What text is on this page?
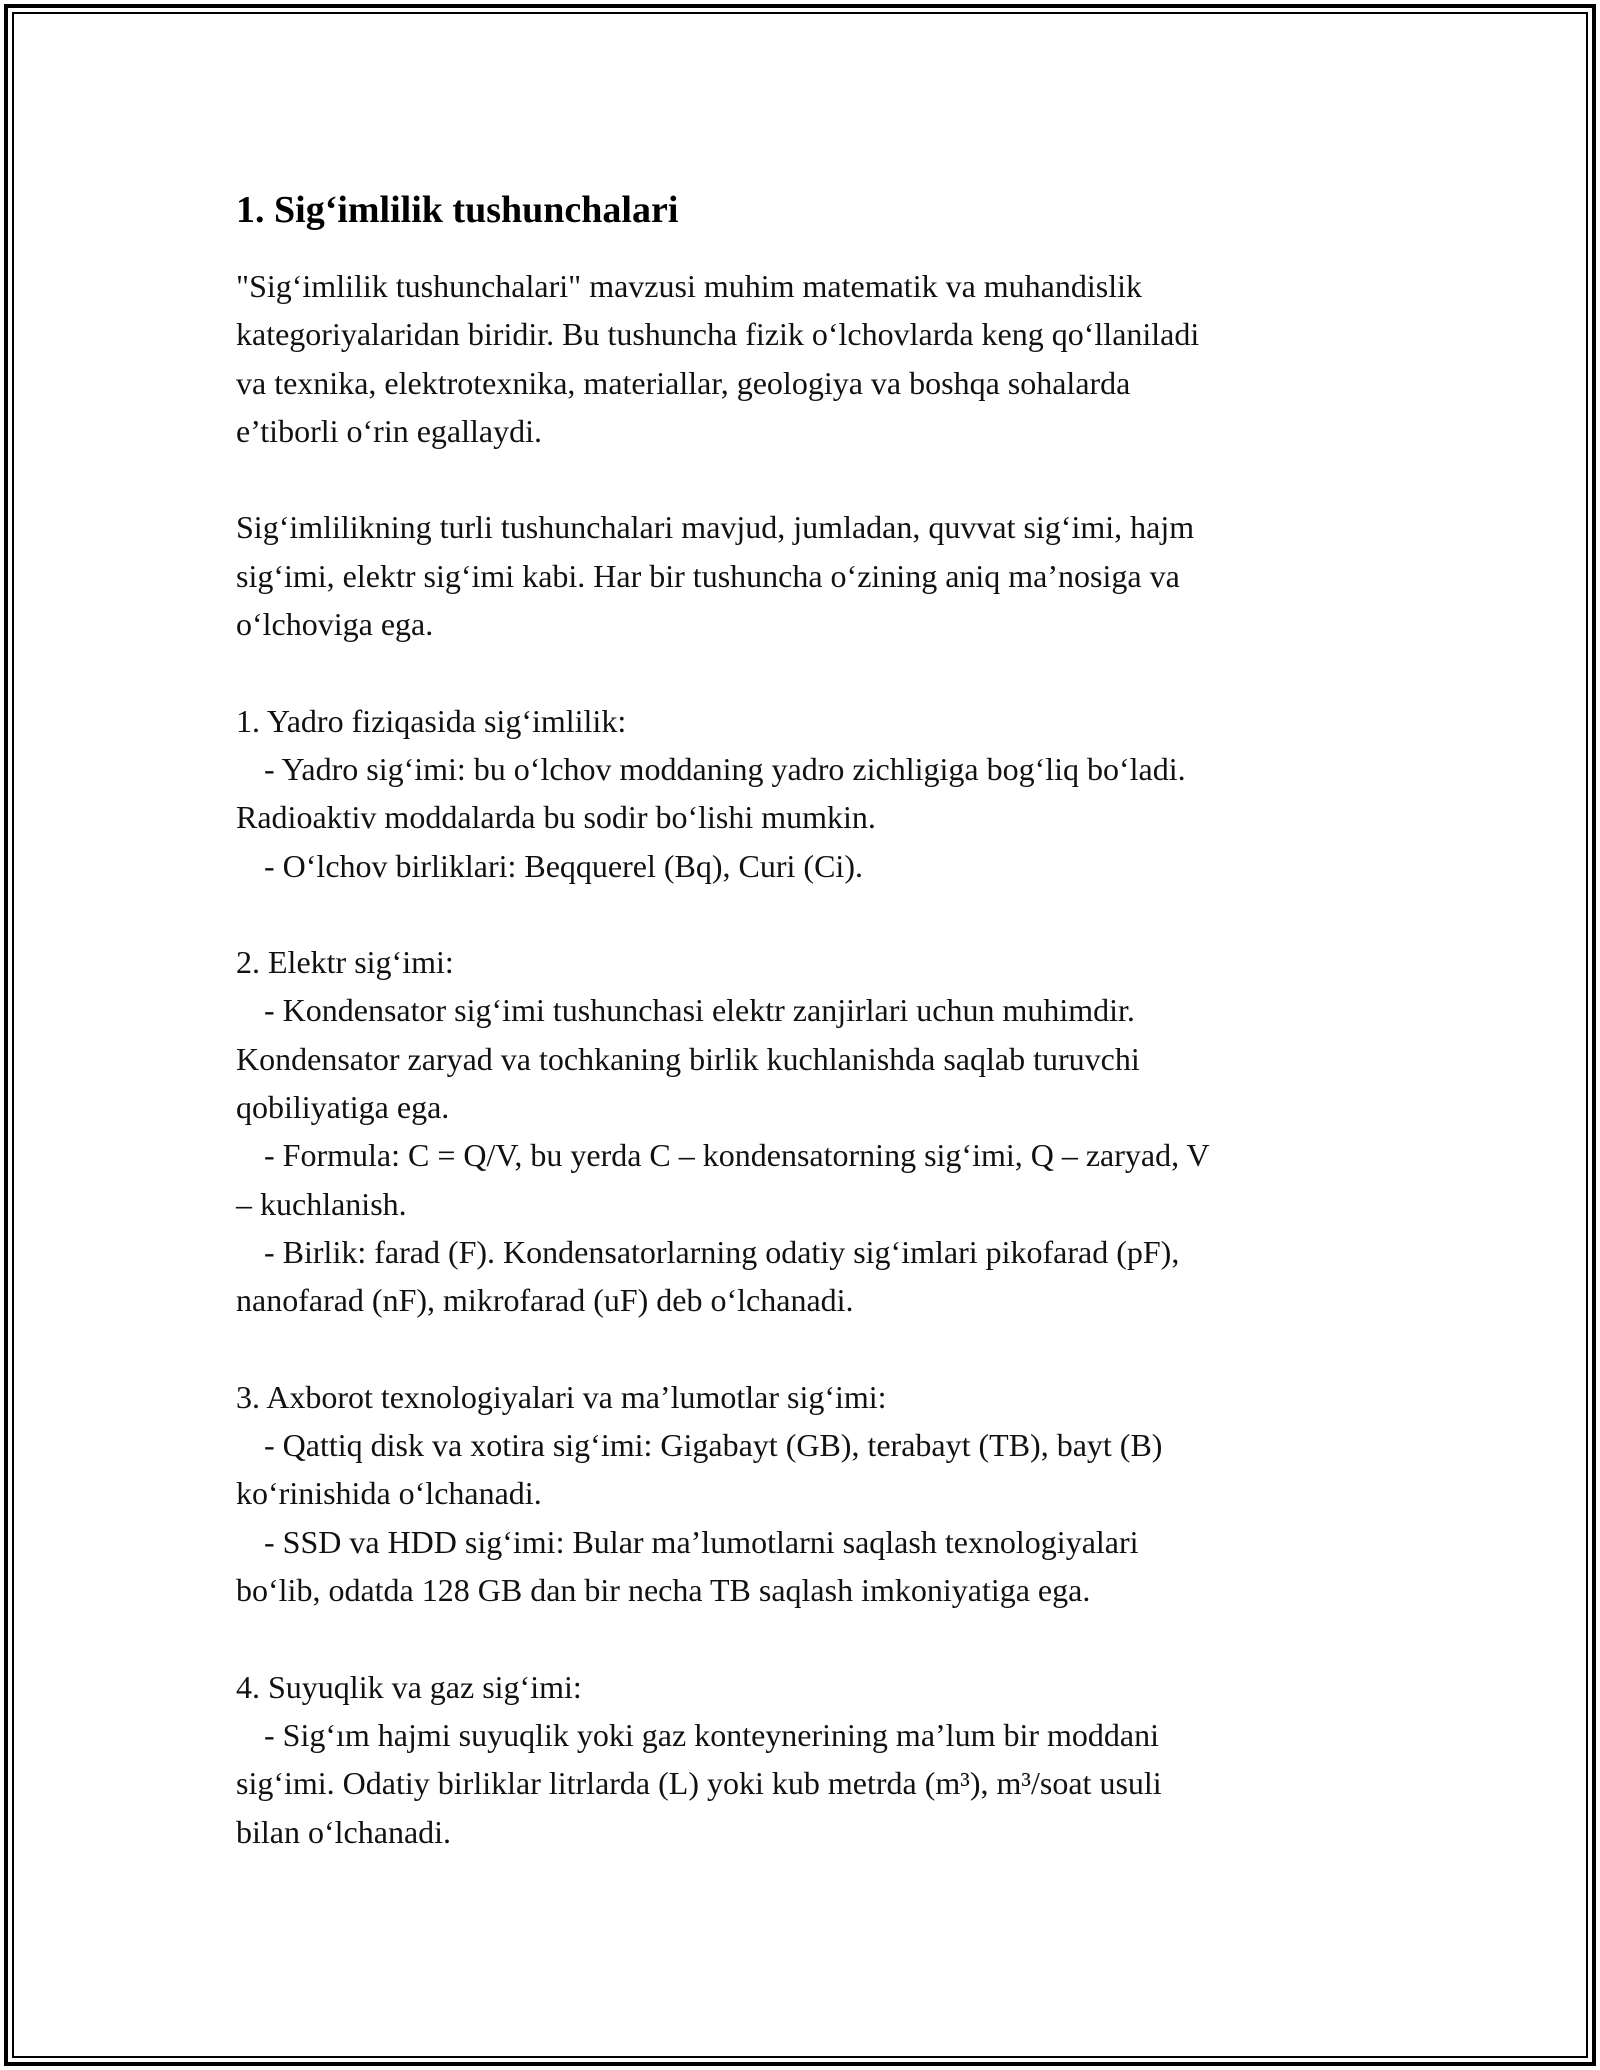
1. Sig‘imlilik tushunchalari
"Sig‘imlilik tushunchalari" mavzusi muhim matematik va muhandislik
kategoriyalaridan biridir. Bu tushuncha fizik o‘lchovlarda keng qo‘llaniladi
va texnika, elektrotexnika, materiallar, geologiya va boshqa sohalarda
e’tiborli o‘rin egallaydi.
Sig‘imlilikning turli tushunchalari mavjud, jumladan, quvvat sig‘imi, hajm
sig‘imi, elektr sig‘imi kabi. Har bir tushuncha o‘zining aniq ma’nosiga va
o‘lchoviga ega.
1. Yadro fiziqasida sig‘imlilik:
- Yadro sig‘imi: bu o‘lchov moddaning yadro zichligiga bog‘liq bo‘ladi.
Radioaktiv moddalarda bu sodir bo‘lishi mumkin.
- O‘lchov birliklari: Beqquerel (Bq), Curi (Ci).
2. Elektr sig‘imi:
- Kondensator sig‘imi tushunchasi elektr zanjirlari uchun muhimdir.
Kondensator zaryad va tochkaning birlik kuchlanishda saqlab turuvchi
qobiliyatiga ega.
- Formula: C = Q/V, bu yerda C – kondensatorning sig‘imi, Q – zaryad, V
– kuchlanish.
- Birlik: farad (F). Kondensatorlarning odatiy sig‘imlari pikofarad (pF),
nanofarad (nF), mikrofarad (uF) deb o‘lchanadi.
3. Axborot texnologiyalari va ma’lumotlar sig‘imi:
- Qattiq disk va xotira sig‘imi: Gigabayt (GB), terabayt (TB), bayt (B)
ko‘rinishida o‘lchanadi.
- SSD va HDD sig‘imi: Bular ma’lumotlarni saqlash texnologiyalari
bo‘lib, odatda 128 GB dan bir necha TB saqlash imkoniyatiga ega.
4. Suyuqlik va gaz sig‘imi:
- Sig‘ım hajmi suyuqlik yoki gaz konteynerining ma’lum bir moddani
sig‘imi. Odatiy birliklar litrlarda (L) yoki kub metrda (m³), m³/soat usuli
bilan o‘lchanadi.
